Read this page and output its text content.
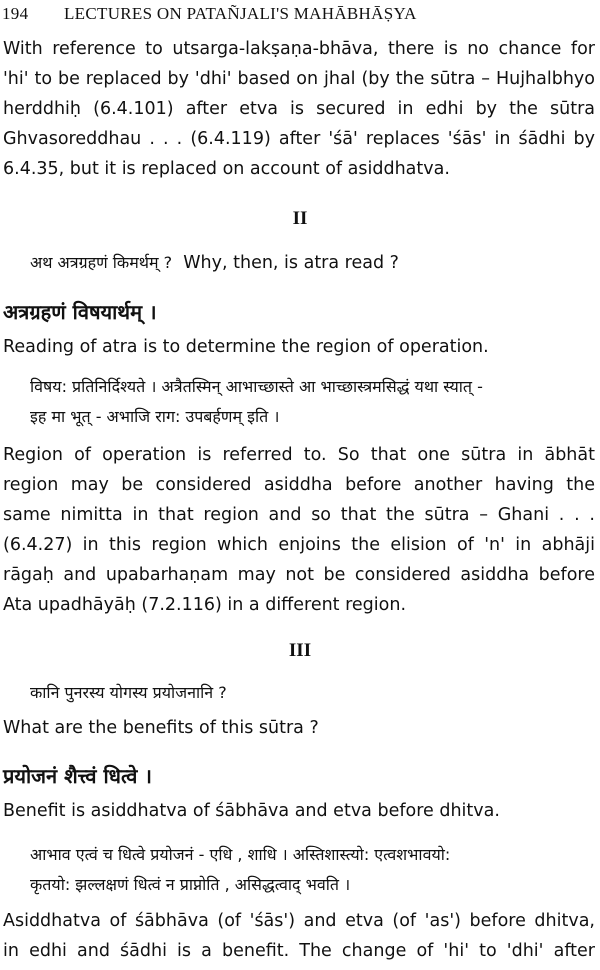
194 LECTURES ON PATAÑJALI'S MAHĀBHĀṢYA
With reference to utsarga-lakṣaṇa-bhāva, there is no chance for
'hi' to be replaced by 'dhi' based on jhal (by the sūtra – Hujhalbhyo
herddhiḥ (6.4.101) after etva is secured in edhi by the sūtra
Ghvasoreddhau . . . (6.4.119) after 'śā' replaces 'śās' in śādhi by
6.4.35, but it is replaced on account of asiddhatva.
II
अथ अत्रग्रहणं किमर्थम् ? Why, then, is atra read ?
अत्रग्रहणं विषयार्थम् ।
Reading of atra is to determine the region of operation.
विषय: प्रतिनिर्दिश्यते । अत्रैतस्मिन् आभाच्छास्ते आ भाच्छास्त्रमसिद्धं यथा स्यात् -
इह मा भूत् - अभाजि राग: उपबर्हणम् इति ।
Region of operation is referred to. So that one sūtra in ābhāt
region may be considered asiddha before another having the
same nimitta in that region and so that the sūtra – Ghani . . .
(6.4.27) in this region which enjoins the elision of 'n' in abhāji
rāgaḥ and upabarhaṇam may not be considered asiddha before
Ata upadhāyāḥ (7.2.116) in a different region.
III
कानि पुनरस्य योगस्य प्रयोजनानि ?
What are the benefits of this sūtra ?
प्रयोजनं शैत्त्वं धित्वे ।
Benefit is asiddhatva of śābhāva and etva before dhitva.
आभाव एत्वं च धित्वे प्रयोजनं - एधि , शाधि । अस्तिशास्त्यो: एत्वशभावयो:
कृतयो: झल्लक्षणं धित्वं न प्राप्नोति , असिद्धत्वाद् भवति ।
Asiddhatva of śābhāva (of 'śās') and etva (of 'as') before dhitva,
in edhi and śādhi is a benefit. The change of 'hi' to 'dhi' after
